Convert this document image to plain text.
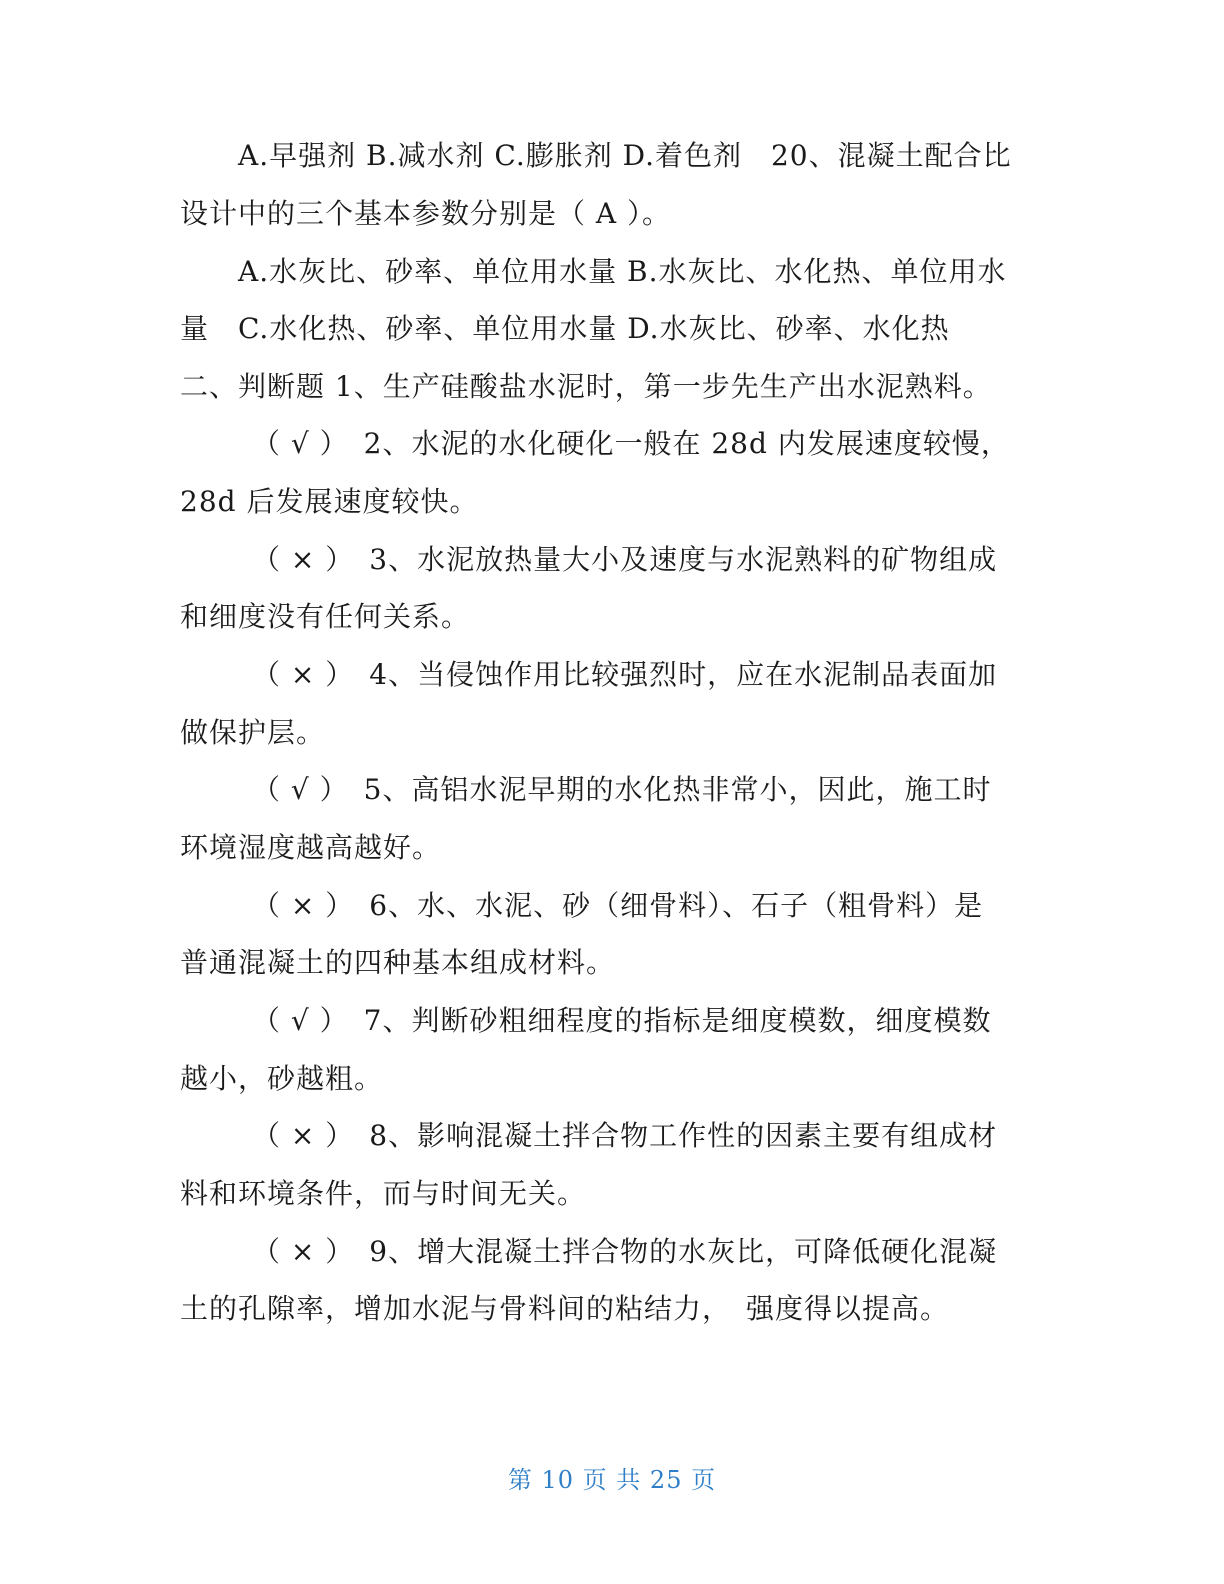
A.早强剂 B.减水剂 C.膨胀剂 D.着色剂　20、混凝土配合比
设计中的三个基本参数分别是（ A ）。
A.水灰比、砂率、单位用水量 B.水灰比、水化热、单位用水
量　C.水化热、砂率、单位用水量 D.水灰比、砂率、水化热
二、判断题 1、生产硅酸盐水泥时，第一步先生产出水泥熟料。
（ √ ）　2、水泥的水化硬化一般在 28d 内发展速度较慢，
28d 后发展速度较快。
（ × ）　3、水泥放热量大小及速度与水泥熟料的矿物组成
和细度没有任何关系。
（ × ）　4、当侵蚀作用比较强烈时，应在水泥制品表面加
做保护层。
（ √ ）　5、高铝水泥早期的水化热非常小，因此，施工时
环境湿度越高越好。
（ × ）　6、水、水泥、砂（细骨料）、石子（粗骨料）是
普通混凝土的四种基本组成材料。
（ √ ）　7、判断砂粗细程度的指标是细度模数，细度模数
越小，砂越粗。
（ × ）　8、影响混凝土拌合物工作性的因素主要有组成材
料和环境条件，而与时间无关。
（ × ）　9、增大混凝土拌合物的水灰比，可降低硬化混凝
土的孔隙率，增加水泥与骨料间的粘结力，　强度得以提高。
第 10 页 共 25 页
